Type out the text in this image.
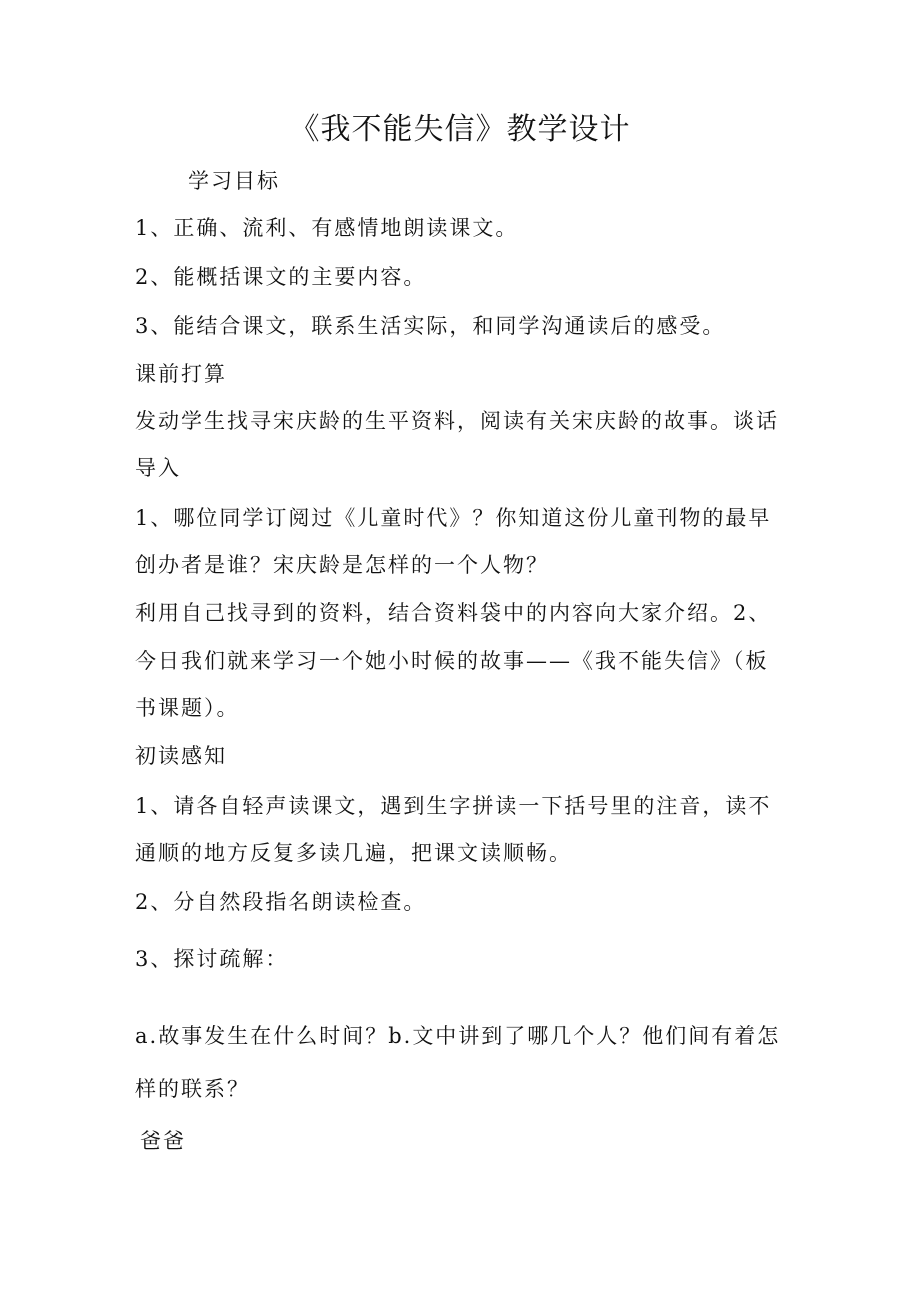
《我不能失信》教学设计
学习目标
1、正确、流利、有感情地朗读课文。
2、能概括课文的主要内容。
3、能结合课文，联系生活实际，和同学沟通读后的感受。
课前打算
发动学生找寻宋庆龄的生平资料，阅读有关宋庆龄的故事。谈话
导入
1、哪位同学订阅过《儿童时代》？你知道这份儿童刊物的最早
创办者是谁？宋庆龄是怎样的一个人物？
利用自己找寻到的资料，结合资料袋中的内容向大家介绍。2、
今日我们就来学习一个她小时候的故事——《我不能失信》（板
书课题）。
初读感知
1、请各自轻声读课文，遇到生字拼读一下括号里的注音，读不
通顺的地方反复多读几遍，把课文读顺畅。
2、分自然段指名朗读检查。
3、探讨疏解：
a.故事发生在什么时间？b.文中讲到了哪几个人？他们间有着怎
样的联系？
爸爸
